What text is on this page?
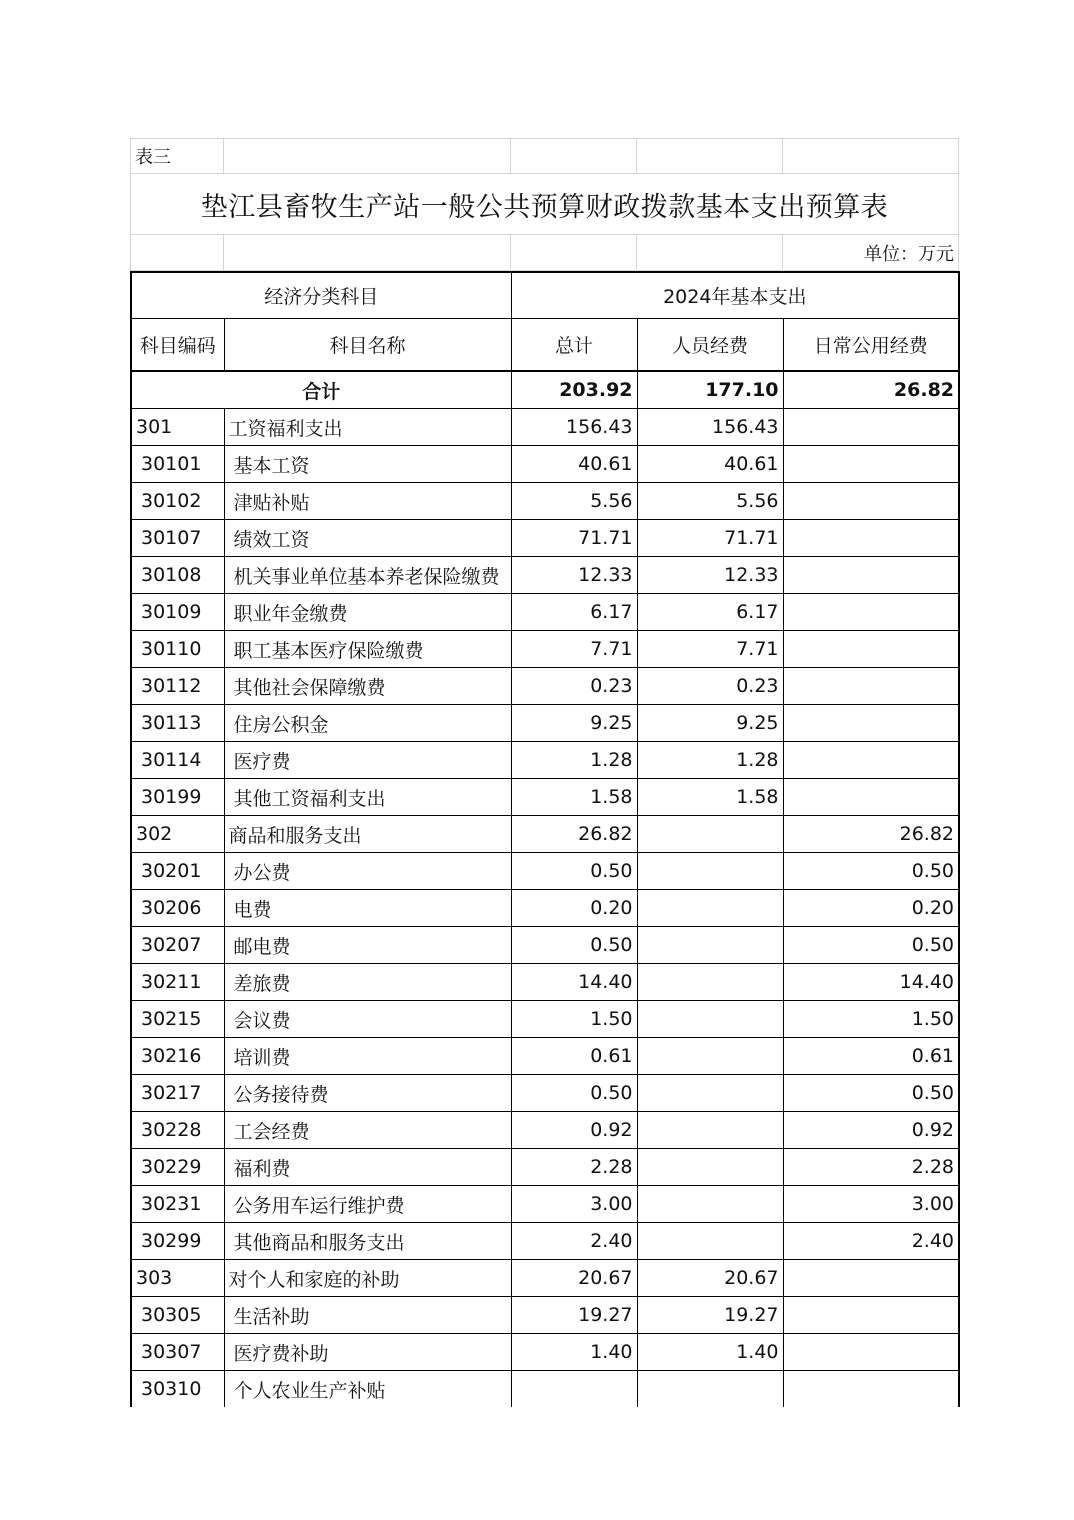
表三				
垫江县畜牧生产站一般公共预算财政拨款基本支出预算表				
				单位：万元
经济分类科目		2024年基本支出		
科目编码	科目名称	总计	人员经费	日常公用经费
合计		203.92	177.10	26.82
301	工资福利支出	156.43	156.43	
30101	基本工资	40.61	40.61	
30102	津贴补贴	5.56	5.56	
30107	绩效工资	71.71	71.71	
30108	机关事业单位基本养老保险缴费	12.33	12.33	
30109	职业年金缴费	6.17	6.17	
30110	职工基本医疗保险缴费	7.71	7.71	
30112	其他社会保障缴费	0.23	0.23	
30113	住房公积金	9.25	9.25	
30114	医疗费	1.28	1.28	
30199	其他工资福利支出	1.58	1.58	
302	商品和服务支出	26.82		26.82
30201	办公费	0.50		0.50
30206	电费	0.20		0.20
30207	邮电费	0.50		0.50
30211	差旅费	14.40		14.40
30215	会议费	1.50		1.50
30216	培训费	0.61		0.61
30217	公务接待费	0.50		0.50
30228	工会经费	0.92		0.92
30229	福利费	2.28		2.28
30231	公务用车运行维护费	3.00		3.00
30299	其他商品和服务支出	2.40		2.40
303	对个人和家庭的补助	20.67	20.67	
30305	生活补助	19.27	19.27	
30307	医疗费补助	1.40	1.40	
30310	个人农业生产补贴			
